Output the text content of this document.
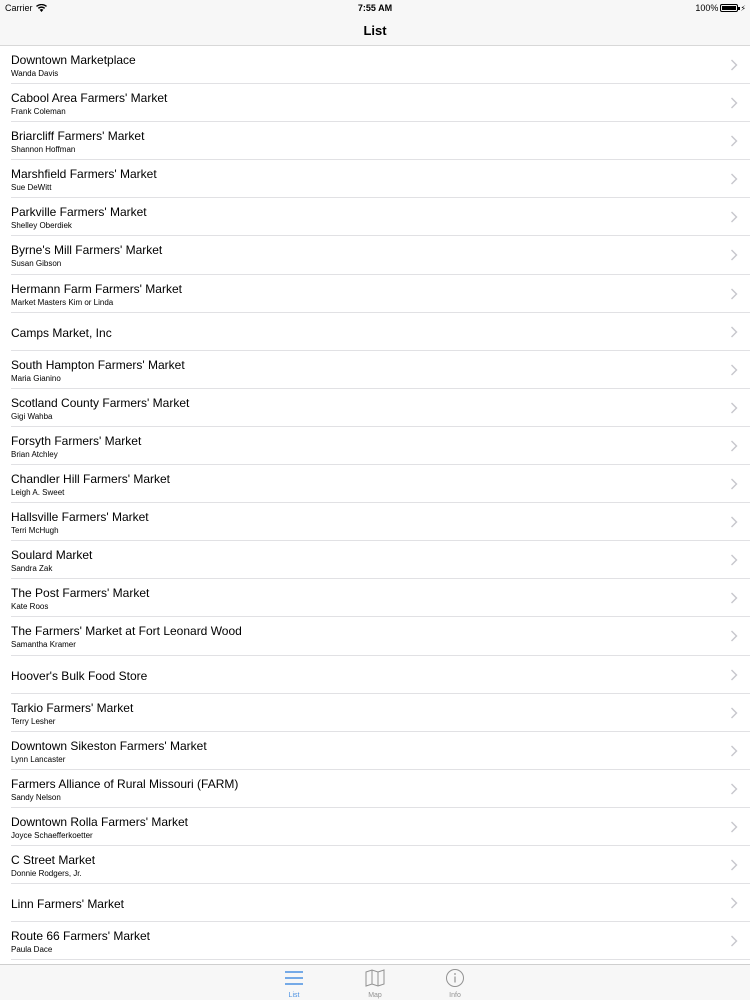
Carrier	7:55 AM	100%	⚡
List
Downtown Marketplace
Wanda Davis
Cabool Area Farmers' Market
Frank Coleman
Briarcliff Farmers' Market
Shannon Hoffman
Marshfield Farmers' Market
Sue DeWitt
Parkville Farmers' Market
Shelley Oberdiek
Byrne's Mill Farmers' Market
Susan Gibson
Hermann Farm Farmers' Market
Market Masters Kim or Linda
Camps Market, Inc
South Hampton Farmers' Market
Maria Gianino
Scotland County Farmers' Market
Gigi Wahba
Forsyth Farmers' Market
Brian Atchley
Chandler Hill Farmers' Market
Leigh A. Sweet
Hallsville Farmers' Market
Terri McHugh
Soulard Market
Sandra Zak
The Post Farmers' Market
Kate Roos
The Farmers' Market at Fort Leonard Wood
Samantha Kramer
Hoover's Bulk Food Store
Tarkio Farmers' Market
Terry Lesher
Downtown Sikeston Farmers' Market
Lynn Lancaster
Farmers Alliance of Rural Missouri (FARM)
Sandy Nelson
Downtown Rolla Farmers' Market
Joyce Schaefferkoetter
C Street Market
Donnie Rodgers, Jr.
Linn Farmers' Market
Route 66 Farmers' Market
Paula Dace
List	Map	Info
